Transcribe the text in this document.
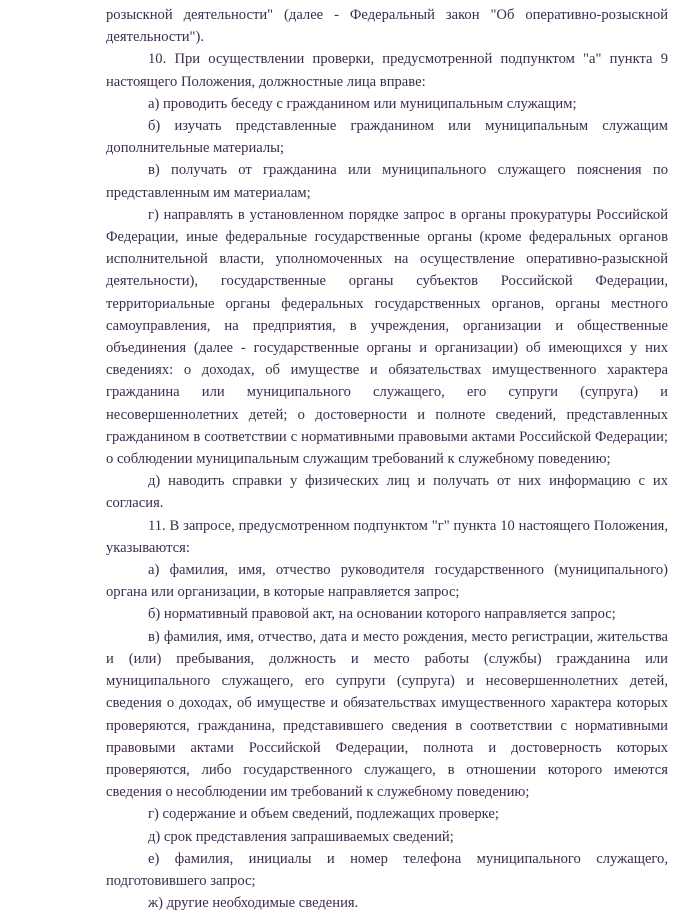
розыскной деятельности" (далее - Федеральный закон "Об оперативно-розыскной деятельности").

10. При осуществлении проверки, предусмотренной подпунктом "а" пункта 9 настоящего Положения, должностные лица вправе:

а) проводить беседу с гражданином или муниципальным служащим;

б) изучать представленные гражданином или муниципальным служащим дополнительные материалы;

в) получать от гражданина или муниципального служащего пояснения по представленным им материалам;

г) направлять в установленном порядке запрос в органы прокуратуры Российской Федерации, иные федеральные государственные органы (кроме федеральных органов исполнительной власти, уполномоченных на осуществление оперативно-разыскной деятельности), государственные органы субъектов Российской Федерации, территориальные органы федеральных государственных органов, органы местного самоуправления, на предприятия, в учреждения, организации и общественные объединения (далее - государственные органы и организации) об имеющихся у них сведениях: о доходах, об имуществе и обязательствах имущественного характера гражданина или муниципального служащего, его супруги (супруга) и несовершеннолетних детей; о достоверности и полноте сведений, представленных гражданином в соответствии с нормативными правовыми актами Российской Федерации; о соблюдении муниципальным служащим требований к служебному поведению;

д) наводить справки у физических лиц и получать от них информацию с их согласия.

11. В запросе, предусмотренном подпунктом "г" пункта 10 настоящего Положения, указываются:

а) фамилия, имя, отчество руководителя государственного (муниципального) органа или организации, в которые направляется запрос;

б) нормативный правовой акт, на основании которого направляется запрос;

в) фамилия, имя, отчество, дата и место рождения, место регистрации, жительства и (или) пребывания, должность и место работы (службы) гражданина или муниципального служащего, его супруги (супруга) и несовершеннолетних детей, сведения о доходах, об имуществе и обязательствах имущественного характера которых проверяются, гражданина, представившего сведения в соответствии с нормативными правовыми актами Российской Федерации, полнота и достоверность которых проверяются, либо государственного служащего, в отношении которого имеются сведения о несоблюдении им требований к служебному поведению;

г) содержание и объем сведений, подлежащих проверке;

д) срок представления запрашиваемых сведений;

е) фамилия, инициалы и номер телефона муниципального служащего, подготовившего запрос;

ж) другие необходимые сведения.
